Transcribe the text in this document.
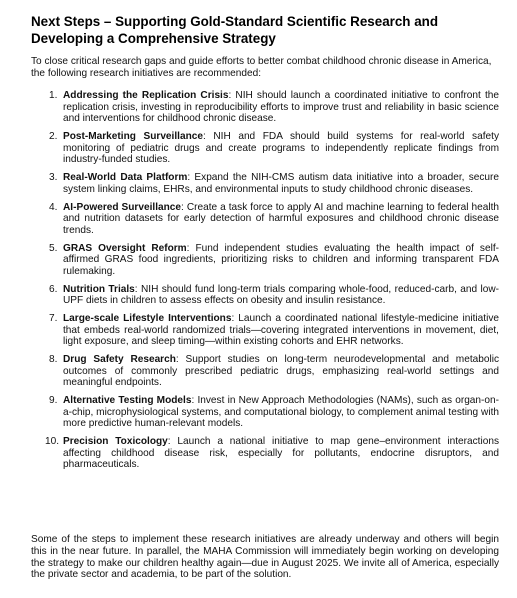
Next Steps – Supporting Gold-Standard Scientific Research and Developing a Comprehensive Strategy

To close critical research gaps and guide efforts to better combat childhood chronic disease in America, the following research initiatives are recommended:

1. Addressing the Replication Crisis: NIH should launch a coordinated initiative to confront the replication crisis, investing in reproducibility efforts to improve trust and reliability in basic science and interventions for childhood chronic disease.
2. Post-Marketing Surveillance: NIH and FDA should build systems for real-world safety monitoring of pediatric drugs and create programs to independently replicate findings from industry-funded studies.
3. Real-World Data Platform: Expand the NIH-CMS autism data initiative into a broader, secure system linking claims, EHRs, and environmental inputs to study childhood chronic diseases.
4. AI-Powered Surveillance: Create a task force to apply AI and machine learning to federal health and nutrition datasets for early detection of harmful exposures and childhood chronic disease trends.
5. GRAS Oversight Reform: Fund independent studies evaluating the health impact of self-affirmed GRAS food ingredients, prioritizing risks to children and informing transparent FDA rulemaking.
6. Nutrition Trials: NIH should fund long-term trials comparing whole-food, reduced-carb, and low-UPF diets in children to assess effects on obesity and insulin resistance.
7. Large-scale Lifestyle Interventions: Launch a coordinated national lifestyle-medicine initiative that embeds real-world randomized trials—covering integrated interventions in movement, diet, light exposure, and sleep timing—within existing cohorts and EHR networks.
8. Drug Safety Research: Support studies on long-term neurodevelopmental and metabolic outcomes of commonly prescribed pediatric drugs, emphasizing real-world settings and meaningful endpoints.
9. Alternative Testing Models: Invest in New Approach Methodologies (NAMs), such as organ-on-a-chip, microphysiological systems, and computational biology, to complement animal testing with more predictive human-relevant models.
10. Precision Toxicology: Launch a national initiative to map gene–environment interactions affecting childhood disease risk, especially for pollutants, endocrine disruptors, and pharmaceuticals.

Some of the steps to implement these research initiatives are already underway and others will begin this in the near future. In parallel, the MAHA Commission will immediately begin working on developing the strategy to make our children healthy again—due in August 2025. We invite all of America, especially the private sector and academia, to be part of the solution.
